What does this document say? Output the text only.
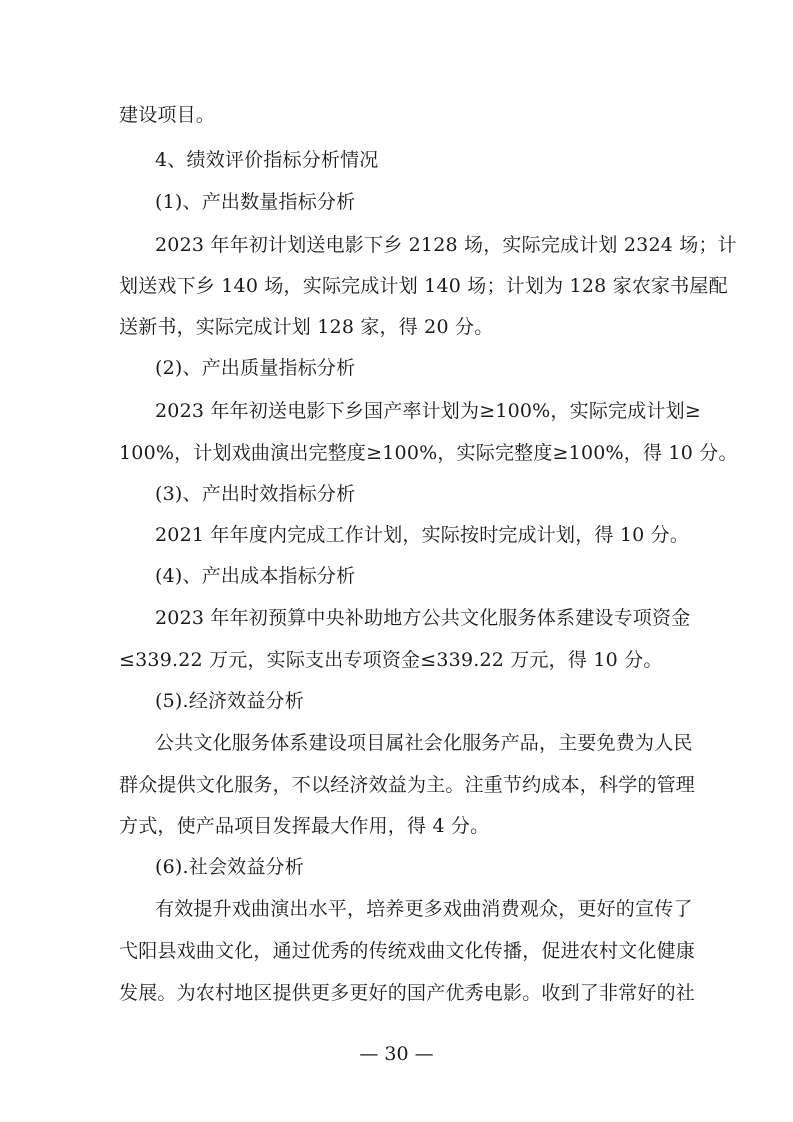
建设项目。
4、绩效评价指标分析情况
(1)、产出数量指标分析
2023 年年初计划送电影下乡 2128 场，实际完成计划 2324 场；计
划送戏下乡 140 场，实际完成计划 140 场；计划为 128 家农家书屋配
送新书，实际完成计划 128 家，得 20 分。
(2)、产出质量指标分析
2023 年年初送电影下乡国产率计划为≥100%，实际完成计划≥
100%，计划戏曲演出完整度≥100%，实际完整度≥100%，得 10 分。
(3)、产出时效指标分析
2021 年年度内完成工作计划，实际按时完成计划，得 10 分。
(4)、产出成本指标分析
2023 年年初预算中央补助地方公共文化服务体系建设专项资金
≤339.22 万元，实际支出专项资金≤339.22 万元，得 10 分。
(5).经济效益分析
公共文化服务体系建设项目属社会化服务产品，主要免费为人民
群众提供文化服务，不以经济效益为主。注重节约成本，科学的管理
方式，使产品项目发挥最大作用，得 4 分。
(6).社会效益分析
有效提升戏曲演出水平，培养更多戏曲消费观众，更好的宣传了
弋阳县戏曲文化，通过优秀的传统戏曲文化传播，促进农村文化健康
发展。为农村地区提供更多更好的国产优秀电影。收到了非常好的社
— 30 —
